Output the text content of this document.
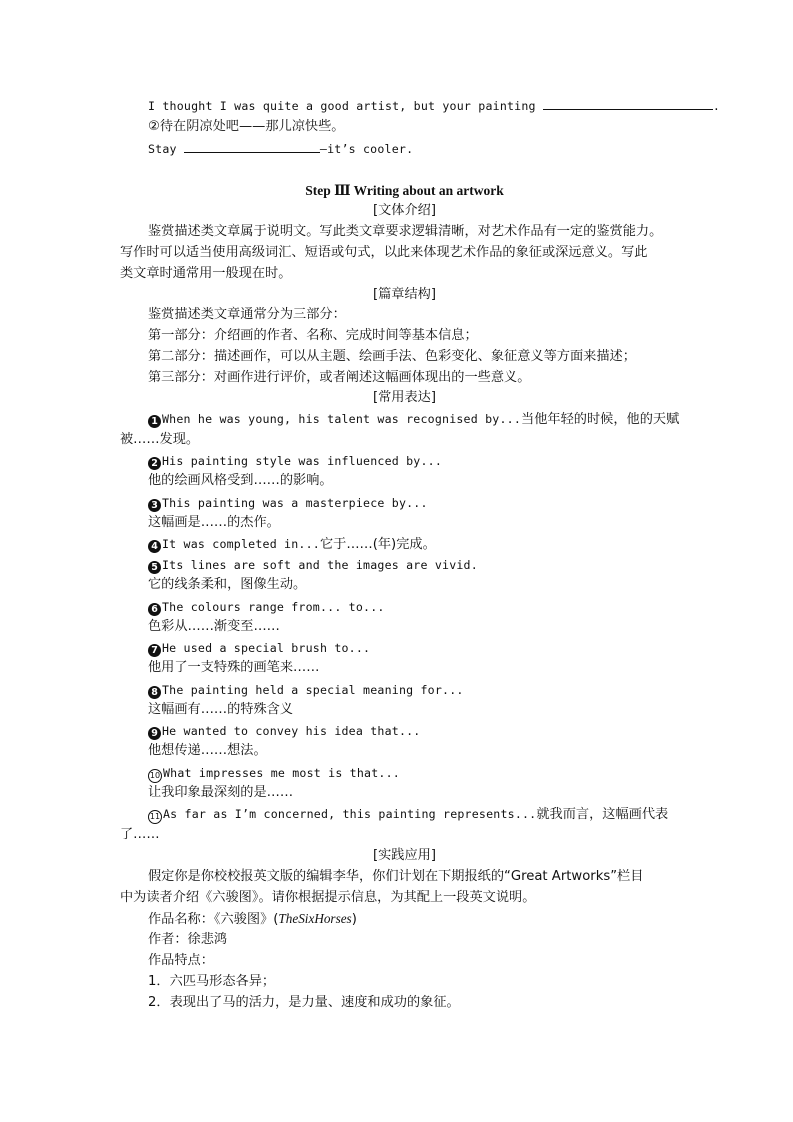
I thought I was quite a good artist, but your painting	.
②待在阴凉处吧——那儿凉快些。
Stay	—it’s cooler.
Step Ⅲ Writing about an artwork
[文体介绍]
鉴赏描述类文章属于说明文。写此类文章要求逻辑清晰，对艺术作品有一定的鉴赏能力。
写作时可以适当使用高级词汇、短语或句式，以此来体现艺术作品的象征或深远意义。写此
类文章时通常用一般现在时。
[篇章结构]
鉴赏描述类文章通常分为三部分：
第一部分：介绍画的作者、名称、完成时间等基本信息；
第二部分：描述画作，可以从主题、绘画手法、色彩变化、象征意义等方面来描述；
第三部分：对画作进行评价，或者阐述这幅画体现出的一些意义。
[常用表达]
1 When he was young, his talent was recognised by...当他年轻的时候，他的天赋
被……发现。
2 His painting style was influenced by...
他的绘画风格受到……的影响。
3 This painting was a masterpiece by...
这幅画是……的杰作。
4 It was completed in...它于……(年)完成。
5 Its lines are soft and the images are vivid.
它的线条柔和，图像生动。
6 The colours range from... to...
色彩从……渐变至……
7 He used a special brush to...
他用了一支特殊的画笔来……
8 The painting held a special meaning for...
这幅画有……的特殊含义
9 He wanted to convey his idea that...
他想传递……想法。
10 What impresses me most is that...
让我印象最深刻的是……
11 As far as I’m concerned, this painting represents...就我而言，这幅画代表
了……
[实践应用]
假定你是你校校报英文版的编辑李华，你们计划在下期报纸的“Great Artworks”栏目
中为读者介绍《六骏图》。请你根据提示信息，为其配上一段英文说明。
作品名称：《六骏图》(TheSixHorses)
作者：徐悲鸿
作品特点：
1．六匹马形态各异；
2．表现出了马的活力，是力量、速度和成功的象征。
